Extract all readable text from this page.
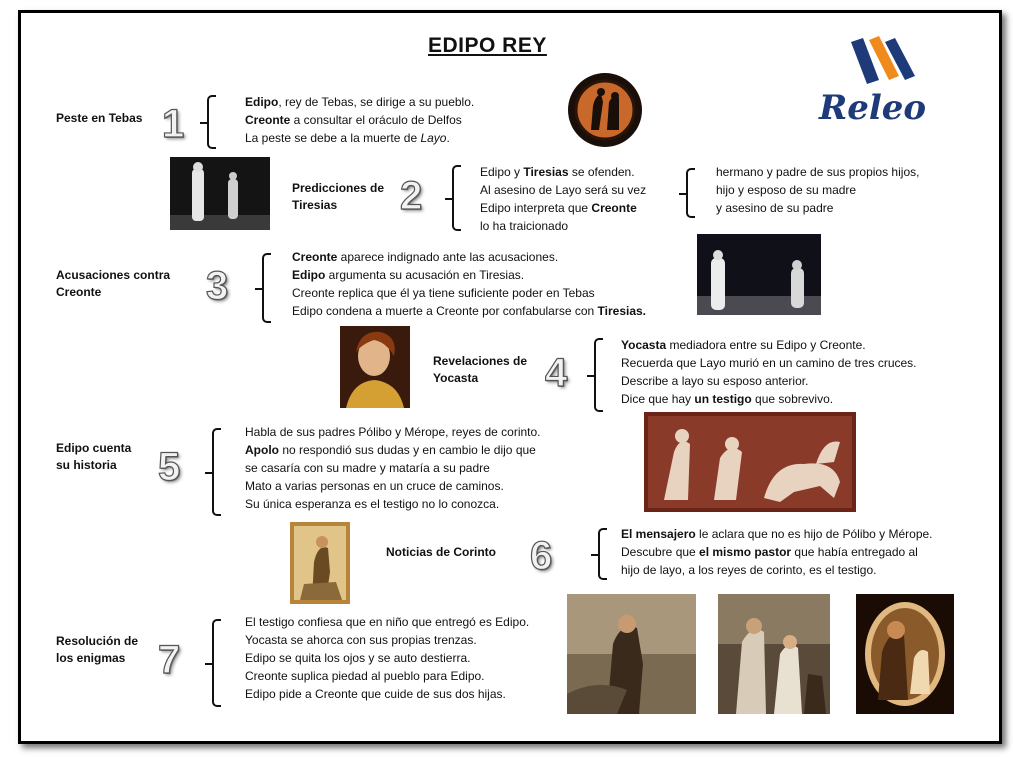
EDIPO REY
Releo
Peste en Tebas 1	Edipo, rey de Tebas, se dirige a su pueblo.
Creonte a consultar el oráculo de Delfos
La peste se debe a la muerte de Layo.
Predicciones de
Tiresias	2
Edipo y Tiresias se ofenden.
Al asesino de Layo será su vez
Edipo interpreta que Creonte
lo ha traicionado
hermano y padre de sus propios hijos,
hijo y esposo de su madre
y asesino de su padre
Acusaciones contra
Creonte	3
Creonte aparece indignado ante las acusaciones.
Edipo argumenta su acusación en Tiresias.
Creonte replica que él ya tiene suficiente poder en Tebas
Edipo condena a muerte a Creonte por confabularse con Tiresias.
Revelaciones de
Yocasta	4
Yocasta mediadora entre su Edipo y Creonte.
Recuerda que Layo murió en un camino de tres cruces.
Describe a layo su esposo anterior.
Dice que hay un testigo que sobrevivo.
Edipo cuenta
su historia	5
Habla de sus padres Pólibo y Mérope, reyes de corinto.
Apolo no respondió sus dudas y en cambio le dijo que
se casaría con su madre y mataría a su padre
Mato a varias personas en un cruce de caminos.
Su única esperanza es el testigo no lo conozca.
Noticias de Corinto 6	El mensajero le aclara que no es hijo de Pólibo y Mérope.
Descubre que el mismo pastor que había entregado al
hijo de layo, a los reyes de corinto, es el testigo.
Resolución de
los enigmas 7
El testigo confiesa que en niño que entregó es Edipo.
Yocasta se ahorca con sus propias trenzas.
Edipo se quita los ojos y se auto destierra.
Creonte suplica piedad al pueblo para Edipo.
Edipo pide a Creonte que cuide de sus dos hijas.
